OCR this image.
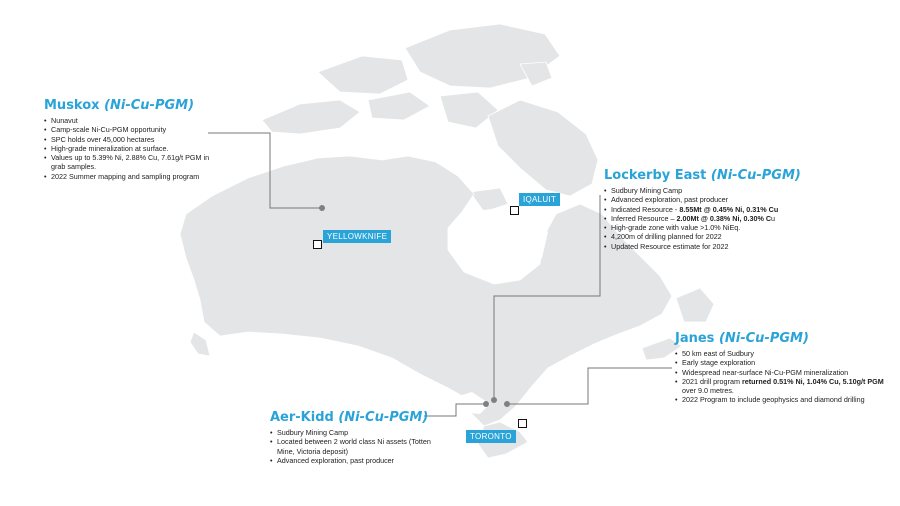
YELLOWKNIFE
IQALUIT
TORONTO
Muskox (Ni-Cu-PGM)
• Nunavut
• Camp-scale Ni-Cu-PGM opportunity
• SPC holds over 45,000 hectares
• High-grade mineralization at surface.
• Values up to 5.39% Ni, 2.88% Cu, 7.61g/t PGM in grab samples.
• 2022 Summer mapping and sampling program	Lockerby East (Ni-Cu-PGM)
• Sudbury Mining Camp
• Advanced exploration, past producer
• Indicated Resource - 8.55Mt @ 0.45% Ni, 0.31% Cu
• Inferred Resource – 2.00Mt @ 0.38% Ni, 0.30% Cu
• High-grade zone with value >1.0% NiEq.
• 4,200m of drilling planned for 2022
• Updated Resource estimate for 2022
Janes (Ni-Cu-PGM)
• 50 km east of Sudbury
• Early stage exploration
• Widespread near-surface Ni-Cu-PGM mineralization
• 2021 drill program returned 0.51% Ni, 1.04% Cu, 5.10g/t PGM over 9.0 metres.
• 2022 Program to include geophysics and diamond drilling
Aer-Kidd (Ni-Cu-PGM)
• Sudbury Mining Camp
• Located between 2 world class Ni assets (Totten Mine, Victoria deposit)
• Advanced exploration, past producer
